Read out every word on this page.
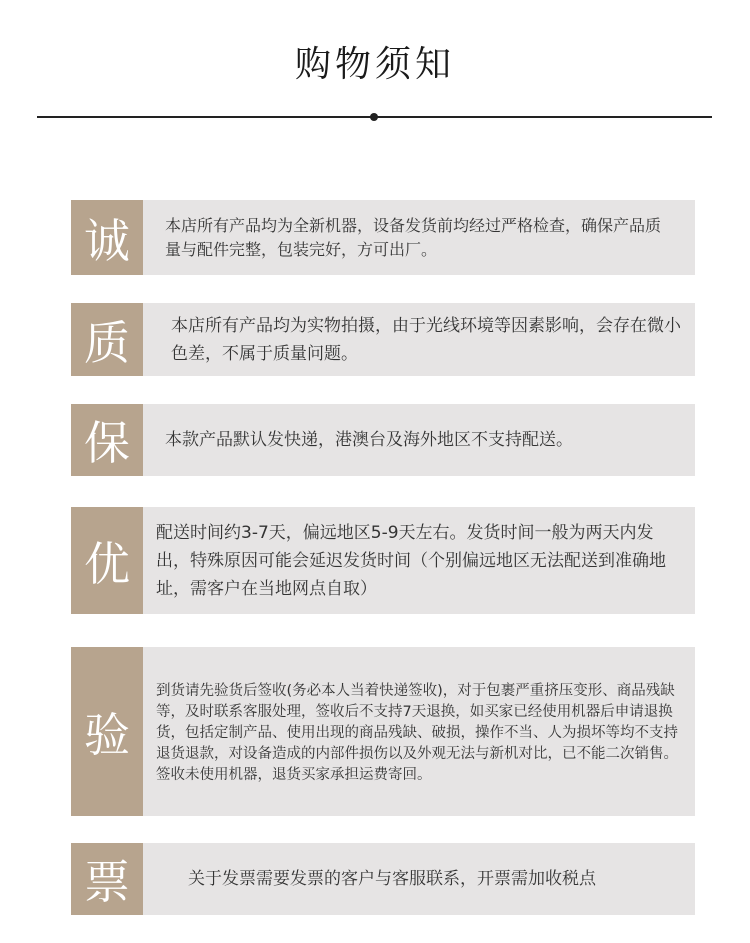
购物须知
诚 本店所有产品均为全新机器，设备发货前均经过严格检查，确保产品质量与配件完整，包装完好，方可出厂。

质 本店所有产品均为实物拍摄，由于光线环境等因素影响，会存在微小色差，不属于质量问题。

保 本款产品默认发快递，港澳台及海外地区不支持配送。

优

配送时间约3-7天，偏远地区5-9天左右。发货时间一般为两天内发出，特殊原因可能会延迟发货时间（个别偏远地区无法配送到准确地址，需客户在当地网点自取）

验

到货请先验货后签收(务必本人当着快递签收)，对于包裹严重挤压变形、商品残缺等，及时联系客服处理，签收后不支持7天退换，如买家已经使用机器后申请退换货，包括定制产品、使用出现的商品残缺、破损，操作不当、人为损坏等均不支持退货退款，对设备造成的内部件损伤以及外观无法与新机对比，已不能二次销售。签收未使用机器，退货买家承担运费寄回。

票	关于发票需要发票的客户与客服联系，开票需加收税点
